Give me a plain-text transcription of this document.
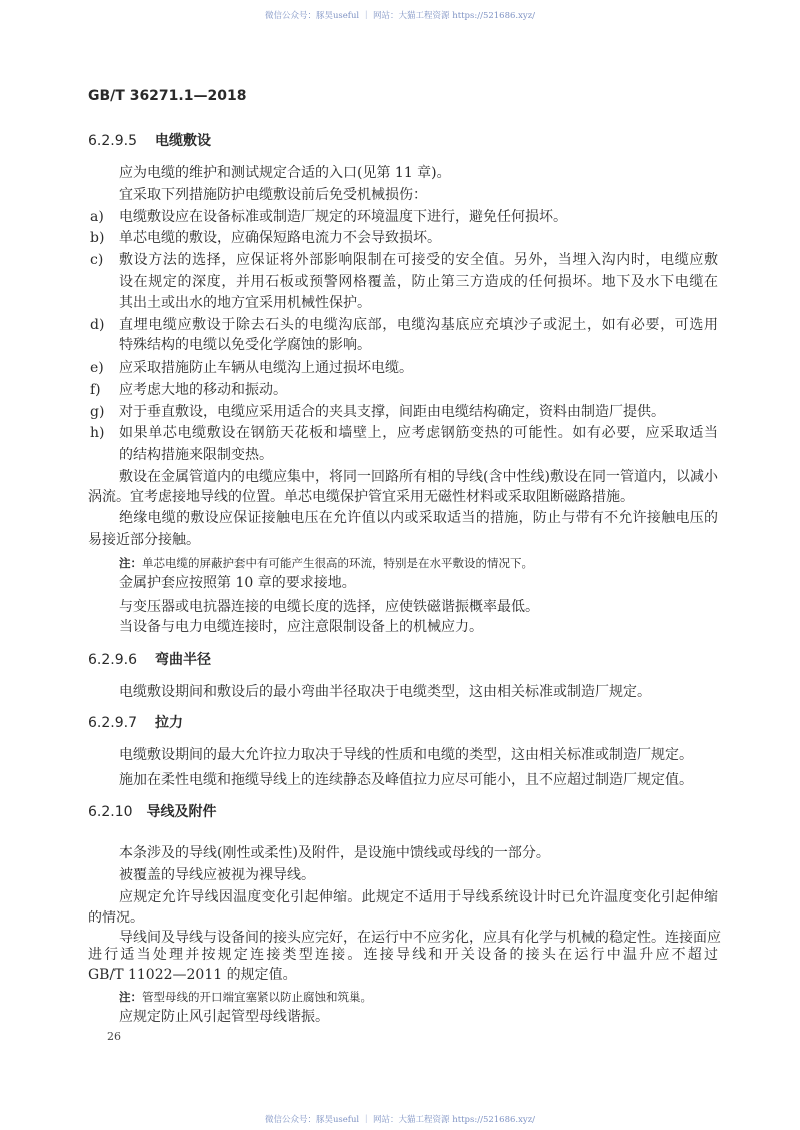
微信公众号：豚昊useful ｜ 网站：大猫工程资源 https://521686.xyz/
GB/T 36271.1—2018
6.2.9.5 电缆敷设
应为电缆的维护和测试规定合适的入口(见第 11 章)。
宜采取下列措施防护电缆敷设前后免受机械损伤：
a) 电缆敷设应在设备标准或制造厂规定的环境温度下进行，避免任何损坏。
b) 单芯电缆的敷设，应确保短路电流力不会导致损坏。
c) 敷设方法的选择，应保证将外部影响限制在可接受的安全值。另外，当埋入沟内时，电缆应敷
设在规定的深度，并用石板或预警网格覆盖，防止第三方造成的任何损坏。地下及水下电缆在
其出土或出水的地方宜采用机械性保护。
d) 直埋电缆应敷设于除去石头的电缆沟底部，电缆沟基底应充填沙子或泥土，如有必要，可选用
特殊结构的电缆以免受化学腐蚀的影响。
e) 应采取措施防止车辆从电缆沟上通过损坏电缆。
f) 应考虑大地的移动和振动。
g) 对于垂直敷设，电缆应采用适合的夹具支撑，间距由电缆结构确定，资料由制造厂提供。
h) 如果单芯电缆敷设在钢筋天花板和墙壁上，应考虑钢筋变热的可能性。如有必要，应采取适当
的结构措施来限制变热。
敷设在金属管道内的电缆应集中，将同一回路所有相的导线(含中性线)敷设在同一管道内，以减小
涡流。宜考虑接地导线的位置。单芯电缆保护管宜采用无磁性材料或采取阻断磁路措施。
绝缘电缆的敷设应保证接触电压在允许值以内或采取适当的措施，防止与带有不允许接触电压的
易接近部分接触。
注：单芯电缆的屏蔽护套中有可能产生很高的环流，特别是在水平敷设的情况下。
金属护套应按照第 10 章的要求接地。
与变压器或电抗器连接的电缆长度的选择，应使铁磁谐振概率最低。
当设备与电力电缆连接时，应注意限制设备上的机械应力。
6.2.9.6 弯曲半径
电缆敷设期间和敷设后的最小弯曲半径取决于电缆类型，这由相关标准或制造厂规定。
6.2.9.7 拉力
电缆敷设期间的最大允许拉力取决于导线的性质和电缆的类型，这由相关标准或制造厂规定。
施加在柔性电缆和拖缆导线上的连续静态及峰值拉力应尽可能小，且不应超过制造厂规定值。
6.2.10 导线及附件
本条涉及的导线(刚性或柔性)及附件，是设施中馈线或母线的一部分。
被覆盖的导线应被视为裸导线。
应规定允许导线因温度变化引起伸缩。此规定不适用于导线系统设计时已允许温度变化引起伸缩
的情况。
导线间及导线与设备间的接头应完好，在运行中不应劣化，应具有化学与机械的稳定性。连接面应
进行适当处理并按规定连接类型连接。连接导线和开关设备的接头在运行中温升应不超过
GB/T 11022—2011 的规定值。
注：管型母线的开口端宜塞紧以防止腐蚀和筑巢。
应规定防止风引起管型母线谐振。
26
微信公众号：豚昊useful ｜ 网站：大猫工程资源 https://521686.xyz/
